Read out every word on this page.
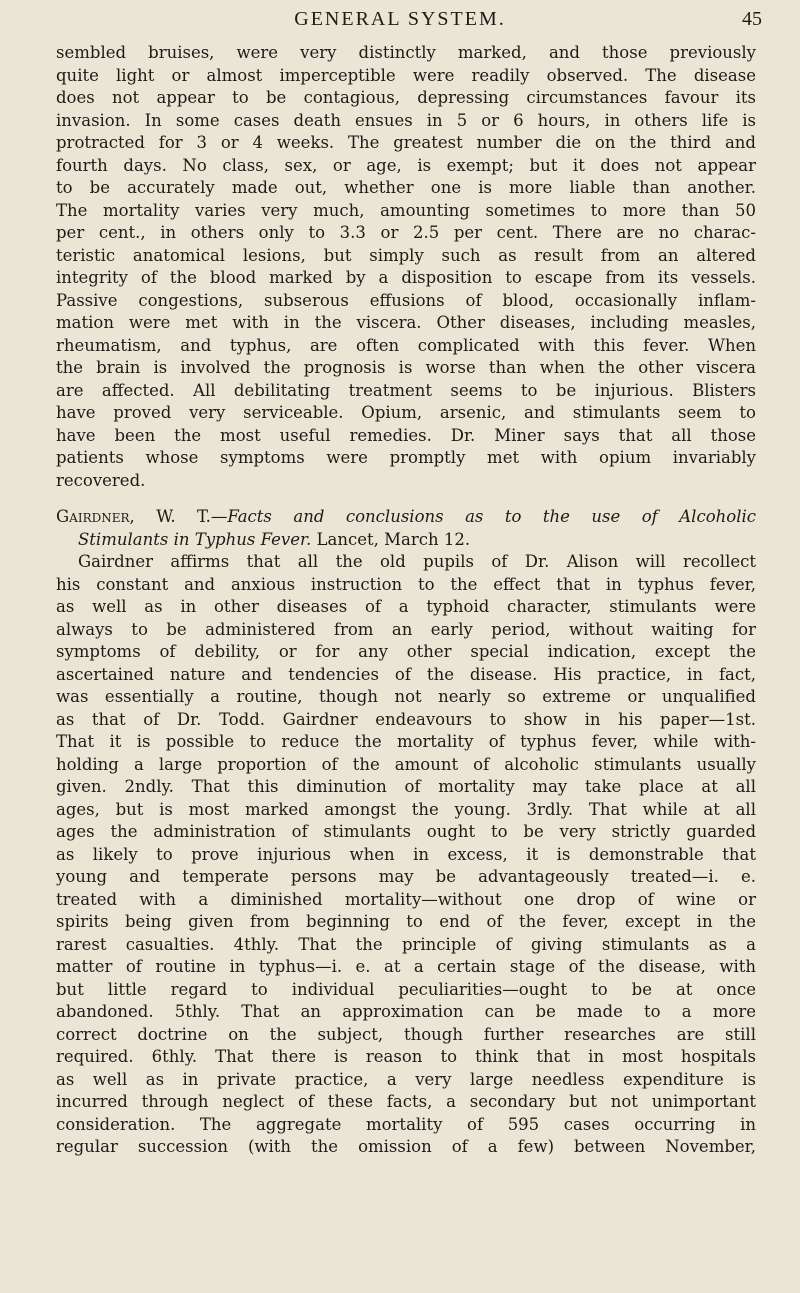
GENERAL SYSTEM.	45
sembled bruises, were very distinctly marked, and those previously
quite light or almost imperceptible were readily observed. The disease
does not appear to be contagious, depressing circumstances favour its
invasion. In some cases death ensues in 5 or 6 hours, in others life is
protracted for 3 or 4 weeks. The greatest number die on the third and
fourth days. No class, sex, or age, is exempt; but it does not appear
to be accurately made out, whether one is more liable than another.
The mortality varies very much, amounting sometimes to more than 50
per cent., in others only to 3.3 or 2.5 per cent. There are no charac-
teristic anatomical lesions, but simply such as result from an altered
integrity of the blood marked by a disposition to escape from its vessels.
Passive congestions, subserous effusions of blood, occasionally inflam-
mation were met with in the viscera. Other diseases, including measles,
rheumatism, and typhus, are often complicated with this fever. When
the brain is involved the prognosis is worse than when the other viscera
are affected. All debilitating treatment seems to be injurious. Blisters
have proved very serviceable. Opium, arsenic, and stimulants seem to
have been the most useful remedies. Dr. Miner says that all those
patients whose symptoms were promptly met with opium invariably
recovered.
Gairdner, W. T.—Facts and conclusions as to the use of Alcoholic
Stimulants in Typhus Fever. Lancet, March 12.
Gairdner affirms that all the old pupils of Dr. Alison will recollect
his constant and anxious instruction to the effect that in typhus fever,
as well as in other diseases of a typhoid character, stimulants were
always to be administered from an early period, without waiting for
symptoms of debility, or for any other special indication, except the
ascertained nature and tendencies of the disease. His practice, in fact,
was essentially a routine, though not nearly so extreme or unqualified
as that of Dr. Todd. Gairdner endeavours to show in his paper—1st.
That it is possible to reduce the mortality of typhus fever, while with-
holding a large proportion of the amount of alcoholic stimulants usually
given. 2ndly. That this diminution of mortality may take place at all
ages, but is most marked amongst the young. 3rdly. That while at all
ages the administration of stimulants ought to be very strictly guarded
as likely to prove injurious when in excess, it is demonstrable that
young and temperate persons may be advantageously treated—i. e.
treated with a diminished mortality—without one drop of wine or
spirits being given from beginning to end of the fever, except in the
rarest casualties. 4thly. That the principle of giving stimulants as a
matter of routine in typhus—i. e. at a certain stage of the disease, with
but little regard to individual peculiarities—ought to be at once
abandoned. 5thly. That an approximation can be made to a more
correct doctrine on the subject, though further researches are still
required. 6thly. That there is reason to think that in most hospitals
as well as in private practice, a very large needless expenditure is
incurred through neglect of these facts, a secondary but not unimportant
consideration. The aggregate mortality of 595 cases occurring in
regular succession (with the omission of a few) between November,
